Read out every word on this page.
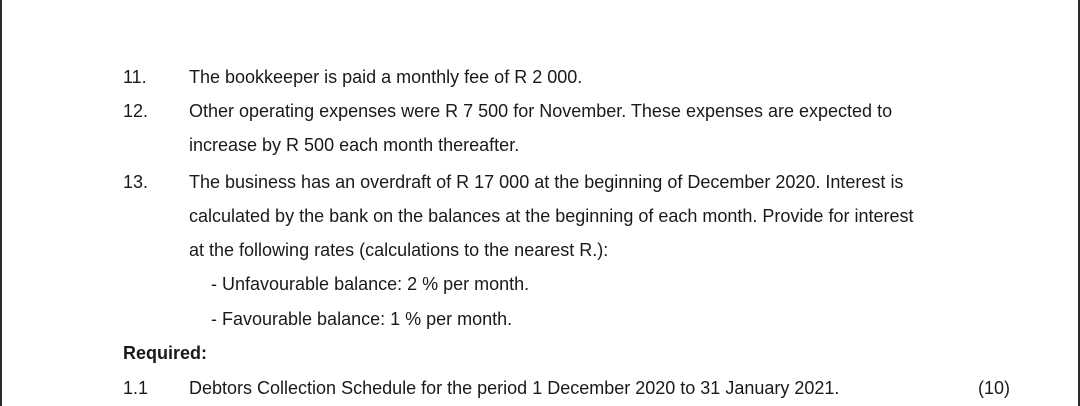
11. The bookkeeper is paid a monthly fee of R 2 000.
12. Other operating expenses were R 7 500 for November. These expenses are expected to
increase by R 500 each month thereafter.
13. The business has an overdraft of R 17 000 at the beginning of December 2020. Interest is
calculated by the bank on the balances at the beginning of each month. Provide for interest
at the following rates (calculations to the nearest R.):
- Unfavourable balance: 2 % per month.
- Favourable balance: 1 % per month.
Required:
1.1 Debtors Collection Schedule for the period 1 December 2020 to 31 January 2021.	(10)
